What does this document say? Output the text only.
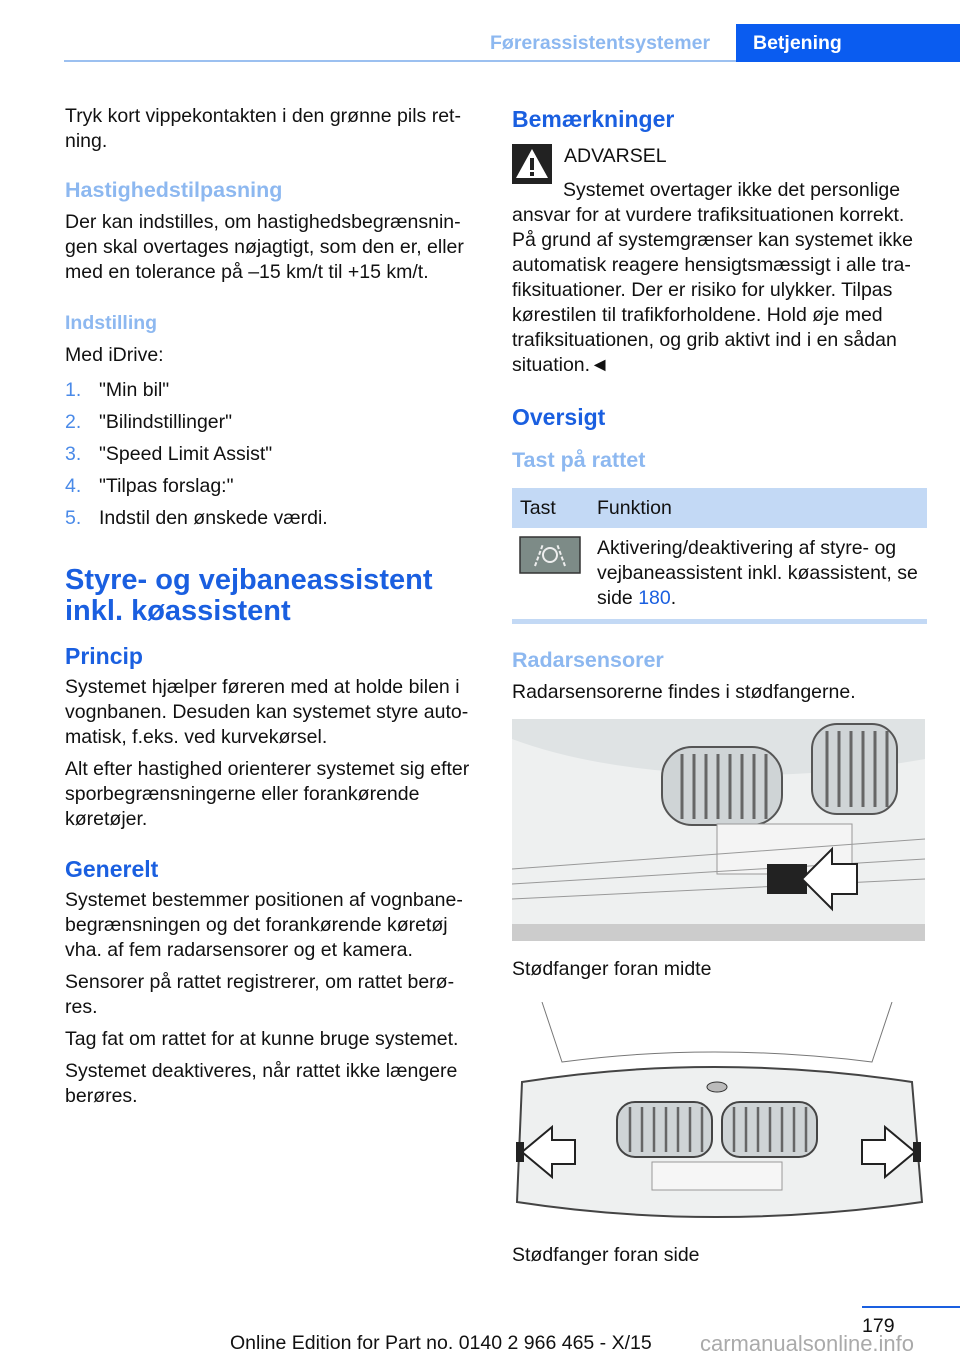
Førerassistentsystemer	Betjening

Tryk kort vippekontakten i den grønne pils retning.

Hastighedstilpasning

Der kan indstilles, om hastighedsbegrænsningen skal overtages nøjagtigt, som den er, eller med en tolerance på –15 km/t til +15 km/t.

Indstilling

Med iDrive:

1. "Min bil"
2. "Bilindstillinger"
3. "Speed Limit Assist"
4. "Tilpas forslag:"
5. Indstil den ønskede værdi.
Styre- og vejbaneassistent inkl. køassistent
Princip

Systemet hjælper føreren med at holde bilen i vognbanen. Desuden kan systemet styre automatisk, f.eks. ved kurvekørsel.

Alt efter hastighed orienterer systemet sig efter sporbegrænsningerne eller forankørende køretøjer.

Generelt

Systemet bestemmer positionen af vognbanebegrænsningen og det forankørende køretøj vha. af fem radarsensorer og et kamera.

Sensorer på rattet registrerer, om rattet berøres.

Tag fat om rattet for at kunne bruge systemet.

Systemet deaktiveres, når rattet ikke længere berøres.

Bemærkninger
ADVARSEL

Systemet overtager ikke det personlige ansvar for at vurdere trafiksituationen korrekt. På grund af systemgrænser kan systemet ikke automatisk reagere hensigtsmæssigt i alle trafiksituationer. Der er risiko for ulykker. Tilpas kørestilen til trafikforholdene. Hold øje med trafiksituationen, og grib aktivt ind i en sådan situation.◄

Oversigt
Tast på rattet
Tast	Funktion
	Aktivering/deaktivering af styre- og vejbaneassistent inkl. køassistent, se side 180.
Radarsensorer

Radarsensorerne findes i stødfangerne.

Stødfanger foran midte

Stødfanger foran side

179
Online Edition for Part no. 0140 2 966 465 - X/15 carmanualsonline.info
